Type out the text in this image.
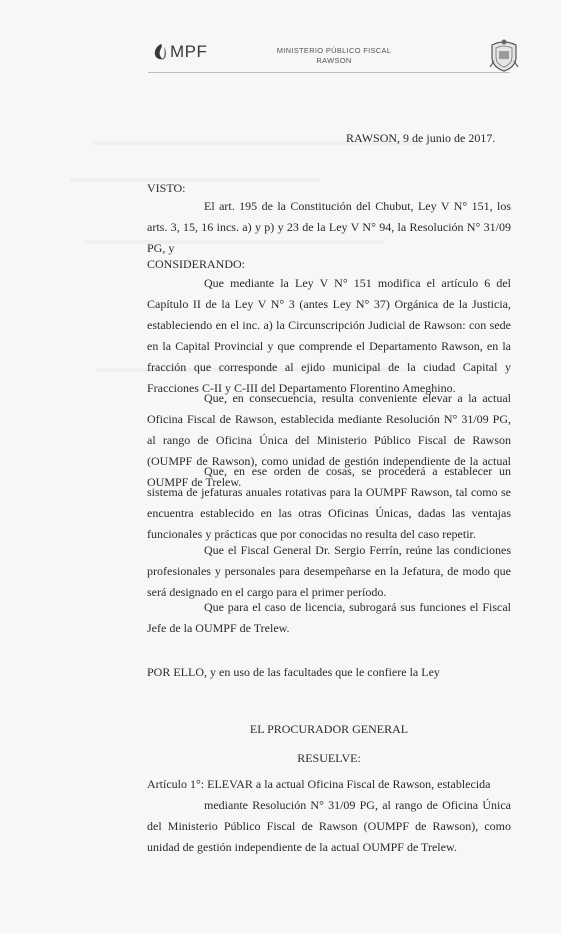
MPF	MINISTERIO PÚBLICO FISCAL
RAWSON

RAWSON, 9 de junio de 2017.

VISTO:

El art. 195 de la Constitución del Chubut, Ley V N° 151, los arts. 3, 15, 16 incs. a) y p) y 23 de la Ley V N° 94, la Resolución N° 31/09 PG, y

CONSIDERANDO:

Que mediante la Ley V N° 151 modifica el artículo 6 del Capítulo II de la Ley V N° 3 (antes Ley N° 37) Orgánica de la Justicia, estableciendo en el inc. a) la Circunscripción Judicial de Rawson: con sede en la Capital Provincial y que comprende el Departamento Rawson, en la fracción que corresponde al ejido municipal de la ciudad Capital y Fracciones C-II y C-III del Departamento Florentino Ameghino.

Que, en consecuencia, resulta conveniente elevar a la actual Oficina Fiscal de Rawson, establecida mediante Resolución N° 31/09 PG, al rango de Oficina Única del Ministerio Público Fiscal de Rawson (OUMPF de Rawson), como unidad de gestión independiente de la actual OUMPF de Trelew.

Que, en ese orden de cosas, se procederá a establecer un sistema de jefaturas anuales rotativas para la OUMPF Rawson, tal como se encuentra establecido en las otras Oficinas Únicas, dadas las ventajas funcionales y prácticas que por conocidas no resulta del caso repetir.

Que el Fiscal General Dr. Sergio Ferrín, reúne las condiciones profesionales y personales para desempeñarse en la Jefatura, de modo que será designado en el cargo para el primer período.

Que para el caso de licencia, subrogará sus funciones el Fiscal Jefe de la OUMPF de Trelew.

POR ELLO, y en uso de las facultades que le confiere la Ley

EL PROCURADOR GENERAL

RESUELVE:

Artículo 1°: ELEVAR a la actual Oficina Fiscal de Rawson, establecida
mediante Resolución N° 31/09 PG, al rango de Oficina Única del Ministerio Público Fiscal de Rawson (OUMPF de Rawson), como unidad de gestión independiente de la actual OUMPF de Trelew.
